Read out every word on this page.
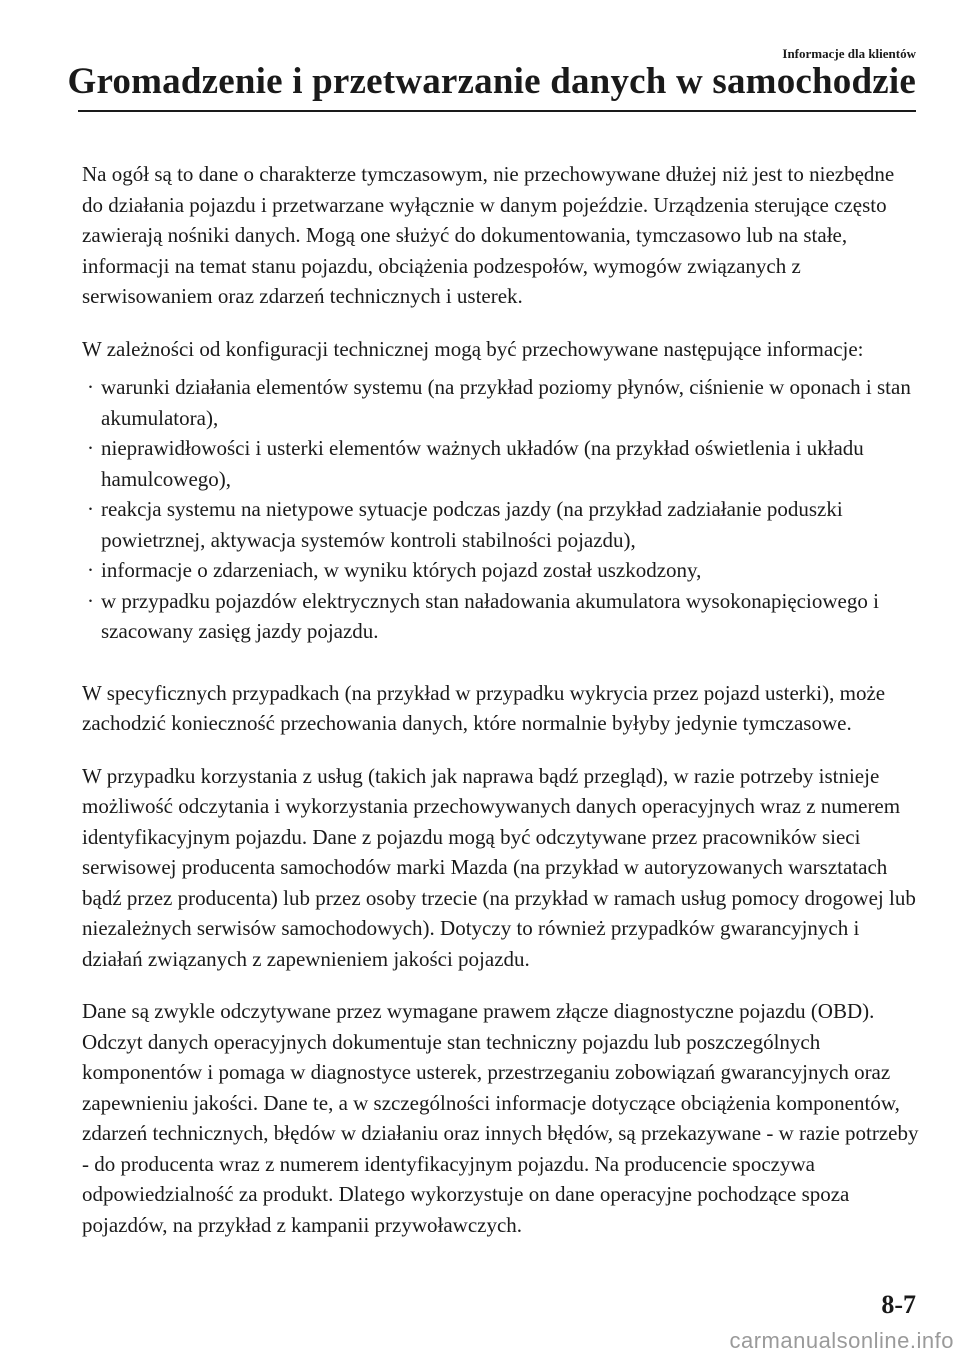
Informacje dla klientów
Gromadzenie i przetwarzanie danych w samochodzie

Na ogół są to dane o charakterze tymczasowym, nie przechowywane dłużej niż jest to niezbędne do działania pojazdu i przetwarzane wyłącznie w danym pojeździe. Urządzenia sterujące często zawierają nośniki danych. Mogą one służyć do dokumentowania, tymczasowo lub na stałe, informacji na temat stanu pojazdu, obciążenia podzespołów, wymogów związanych z serwisowaniem oraz zdarzeń technicznych i usterek.

W zależności od konfiguracji technicznej mogą być przechowywane następujące informacje:

· warunki działania elementów systemu (na przykład poziomy płynów, ciśnienie w oponach i stan akumulatora),
· nieprawidłowości i usterki elementów ważnych układów (na przykład oświetlenia i układu hamulcowego),
· reakcja systemu na nietypowe sytuacje podczas jazdy (na przykład zadziałanie poduszki powietrznej, aktywacja systemów kontroli stabilności pojazdu),
· informacje o zdarzeniach, w wyniku których pojazd został uszkodzony,
· w przypadku pojazdów elektrycznych stan naładowania akumulatora wysokonapięciowego i szacowany zasięg jazdy pojazdu.

W specyficznych przypadkach (na przykład w przypadku wykrycia przez pojazd usterki), może zachodzić konieczność przechowania danych, które normalnie byłyby jedynie tymczasowe.

W przypadku korzystania z usług (takich jak naprawa bądź przegląd), w razie potrzeby istnieje możliwość odczytania i wykorzystania przechowywanych danych operacyjnych wraz z numerem identyfikacyjnym pojazdu. Dane z pojazdu mogą być odczytywane przez pracowników sieci serwisowej producenta samochodów marki Mazda (na przykład w autoryzowanych warsztatach bądź przez producenta) lub przez osoby trzecie (na przykład w ramach usług pomocy drogowej lub niezależnych serwisów samochodowych). Dotyczy to również przypadków gwarancyjnych i działań związanych z zapewnieniem jakości pojazdu.

Dane są zwykle odczytywane przez wymagane prawem złącze diagnostyczne pojazdu (OBD). Odczyt danych operacyjnych dokumentuje stan techniczny pojazdu lub poszczególnych komponentów i pomaga w diagnostyce usterek, przestrzeganiu zobowiązań gwarancyjnych oraz zapewnieniu jakości. Dane te, a w szczególności informacje dotyczące obciążenia komponentów, zdarzeń technicznych, błędów w działaniu oraz innych błędów, są przekazywane - w razie potrzeby - do producenta wraz z numerem identyfikacyjnym pojazdu. Na producencie spoczywa odpowiedzialność za produkt. Dlatego wykorzystuje on dane operacyjne pochodzące spoza pojazdów, na przykład z kampanii przywoławczych.

8-7
carmanualsonline.info
